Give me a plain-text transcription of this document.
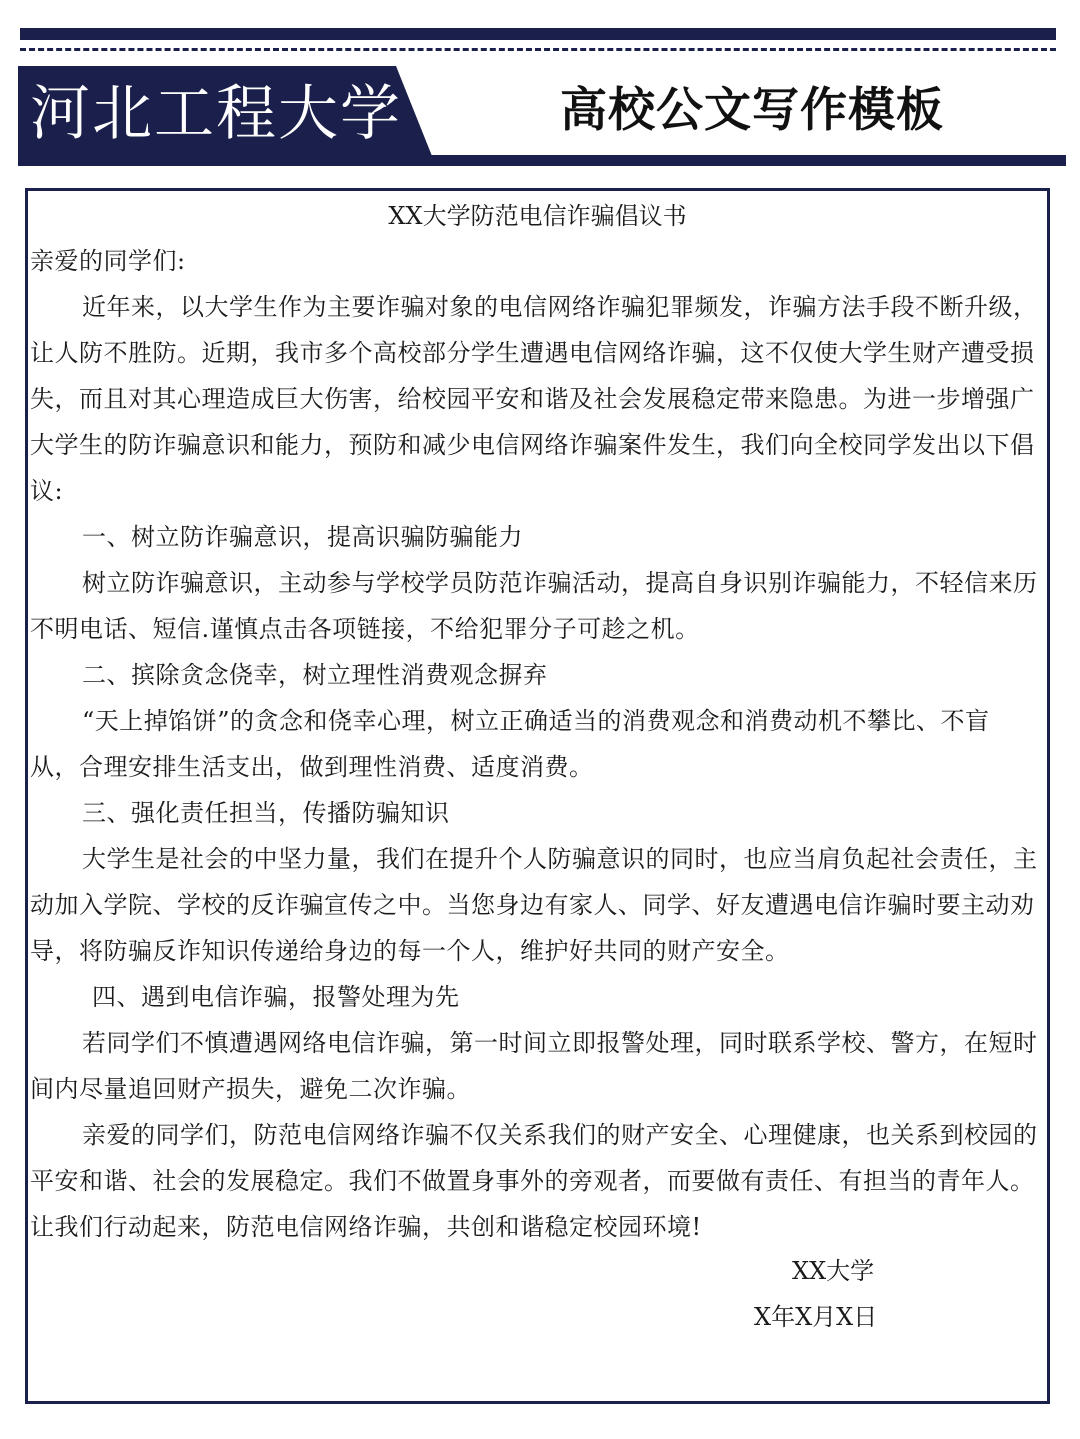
河北工程大学	高校公文写作模板
XX大学防范电信诈骗倡议书

亲爱的同学们:

近年来，以大学生作为主要诈骗对象的电信网络诈骗犯罪频发，诈骗方法手段不断升级，让人防不胜防。近期，我市多个高校部分学生遭遇电信网络诈骗，这不仅使大学生财产遭受损失，而且对其心理造成巨大伤害，给校园平安和谐及社会发展稳定带来隐患。为进一步增强广大学生的防诈骗意识和能力，预防和减少电信网络诈骗案件发生，我们向全校同学发出以下倡议:

一、树立防诈骗意识，提高识骗防骗能力

树立防诈骗意识，主动参与学校学员防范诈骗活动，提高自身识别诈骗能力，不轻信来历不明电话、短信.谨慎点击各项链接，不给犯罪分子可趁之机。

二、摈除贪念侥幸，树立理性消费观念摒弃

“天上掉馅饼”的贪念和侥幸心理，树立正确适当的消费观念和消费动机不攀比、不盲从，合理安排生活支出，做到理性消费、适度消费。

三、强化责任担当，传播防骗知识

大学生是社会的中坚力量，我们在提升个人防骗意识的同时，也应当肩负起社会责任，主动加入学院、学校的反诈骗宣传之中。当您身边有家人、同学、好友遭遇电信诈骗时要主动劝导，将防骗反诈知识传递给身边的每一个人，维护好共同的财产安全。

四、遇到电信诈骗，报警处理为先

若同学们不慎遭遇网络电信诈骗，第一时间立即报警处理，同时联系学校、警方，在短时间内尽量追回财产损失，避免二次诈骗。

亲爱的同学们，防范电信网络诈骗不仅关系我们的财产安全、心理健康，也关系到校园的平安和谐、社会的发展稳定。我们不做置身事外的旁观者，而要做有责任、有担当的青年人。让我们行动起来，防范电信网络诈骗，共创和谐稳定校园环境!

XX大学
X年X月X日
